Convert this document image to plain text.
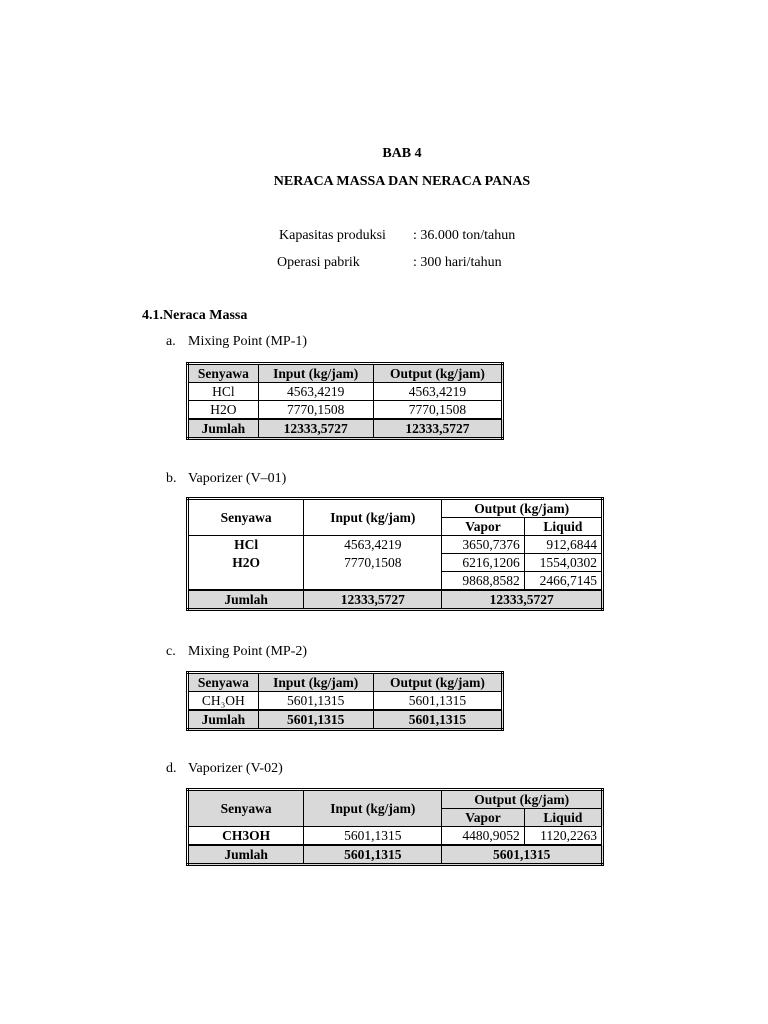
BAB 4
NERACA MASSA DAN NERACA PANAS
Kapasitas produksi : 36.000 ton/tahun
Operasi pabrik	: 300 hari/tahun
4.1.Neraca Massa
a. Mixing Point (MP-1)
Senyawa	Input (kg/jam)	Output (kg/jam)
HCl	4563,4219	4563,4219
H2O	7770,1508	7770,1508
Jumlah	12333,5727	12333,5727
b. Vaporizer (V–01)
Senyawa	Input (kg/jam)	Output (kg/jam)	
		Vapor	Liquid
HCl	4563,4219	3650,7376	912,6844
H2O	7770,1508	6216,1206	1554,0302
		9868,8582	2466,7145
Jumlah	12333,5727	12333,5727	
c. Mixing Point (MP-2)
Senyawa	Input (kg/jam)	Output (kg/jam)
CH₃OH	5601,1315	5601,1315
Jumlah	5601,1315	5601,1315
d. Vaporizer (V-02)
Senyawa	Input (kg/jam)	Output (kg/jam)	
		Vapor	Liquid
CH3OH	5601,1315	4480,9052	1120,2263
Jumlah	5601,1315	5601,1315	
